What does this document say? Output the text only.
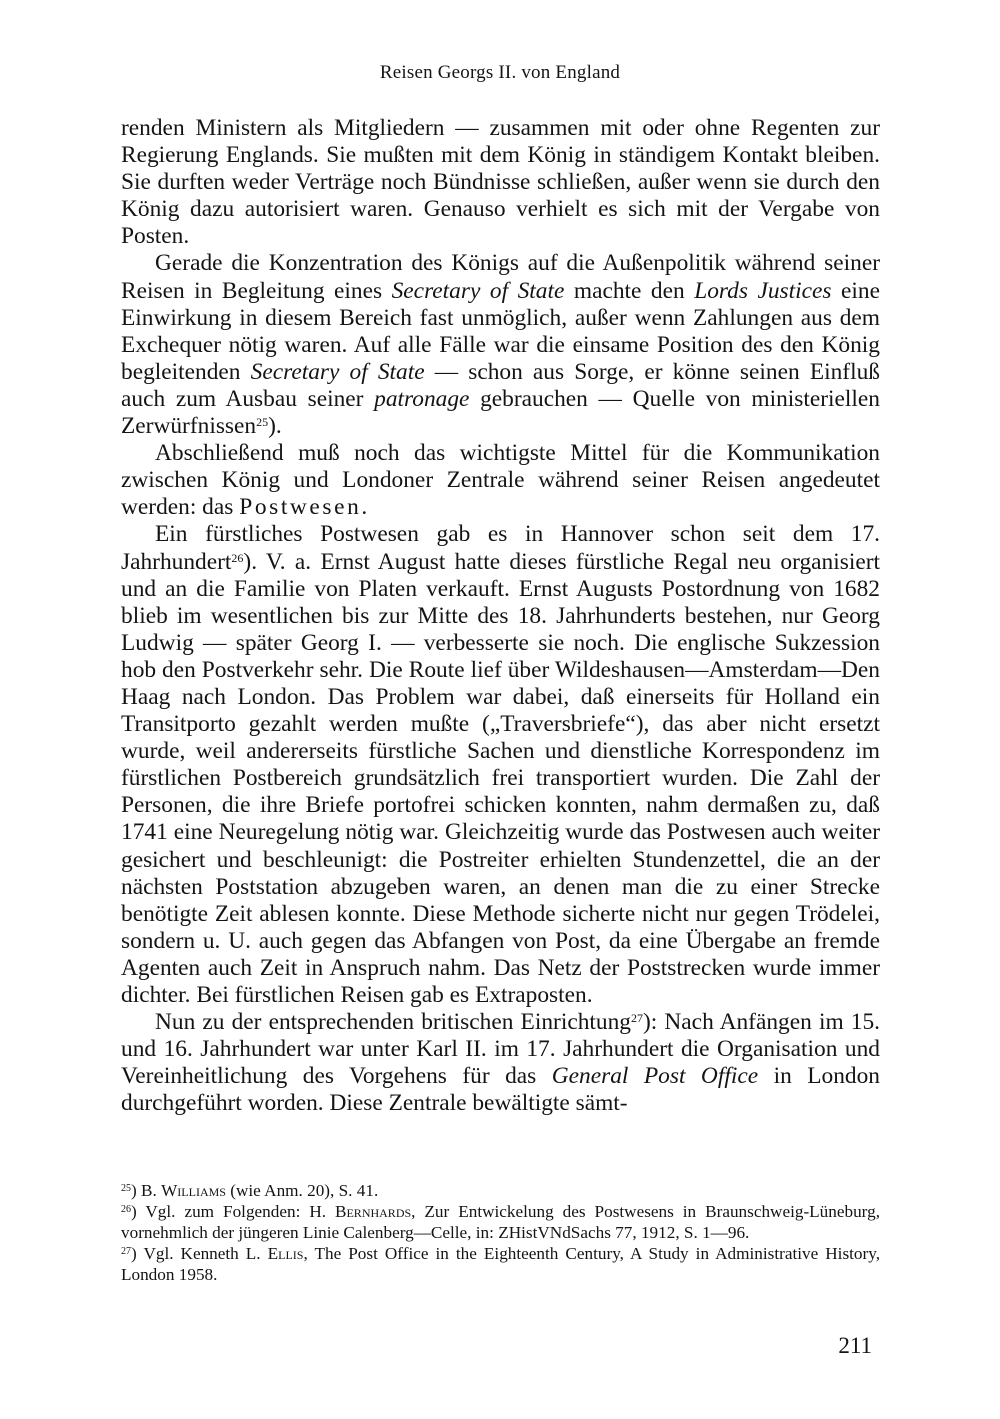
Reisen Georgs II. von England

renden Ministern als Mitgliedern — zusammen mit oder ohne Regenten zur Regierung Englands. Sie mußten mit dem König in ständigem Kontakt bleiben. Sie durften weder Verträge noch Bündnisse schließen, außer wenn sie durch den König dazu autorisiert waren. Genauso verhielt es sich mit der Vergabe von Posten.

Gerade die Konzentration des Königs auf die Außenpolitik während seiner Reisen in Begleitung eines Secretary of State machte den Lords Justices eine Einwirkung in diesem Bereich fast unmöglich, außer wenn Zahlungen aus dem Exchequer nötig waren. Auf alle Fälle war die einsame Position des den König begleitenden Secretary of State — schon aus Sorge, er könne seinen Einfluß auch zum Ausbau seiner patronage gebrauchen — Quelle von ministeriellen Zerwürfnissen$^{25}$).

Abschließend muß noch das wichtigste Mittel für die Kommunikation zwischen König und Londoner Zentrale während seiner Reisen angedeutet werden: das Postwesen.

Ein fürstliches Postwesen gab es in Hannover schon seit dem 17. Jahrhundert$^{26}$). V. a. Ernst August hatte dieses fürstliche Regal neu organisiert und an die Familie von Platen verkauft. Ernst Augusts Postordnung von 1682 blieb im wesentlichen bis zur Mitte des 18. Jahrhunderts bestehen, nur Georg Ludwig — später Georg I. — verbesserte sie noch. Die englische Sukzession hob den Postverkehr sehr. Die Route lief über Wildeshausen—Amsterdam—Den Haag nach London. Das Problem war dabei, daß einerseits für Holland ein Transitporto gezahlt werden mußte („Traversbriefe“), das aber nicht ersetzt wurde, weil andererseits fürstliche Sachen und dienstliche Korrespondenz im fürstlichen Postbereich grundsätzlich frei transportiert wurden. Die Zahl der Personen, die ihre Briefe portofrei schicken konnten, nahm dermaßen zu, daß 1741 eine Neuregelung nötig war. Gleichzeitig wurde das Postwesen auch weiter gesichert und beschleunigt: die Postreiter erhielten Stundenzettel, die an der nächsten Poststation abzugeben waren, an denen man die zu einer Strecke benötigte Zeit ablesen konnte. Diese Methode sicherte nicht nur gegen Trödelei, sondern u. U. auch gegen das Abfangen von Post, da eine Übergabe an fremde Agenten auch Zeit in Anspruch nahm. Das Netz der Poststrecken wurde immer dichter. Bei fürstlichen Reisen gab es Extraposten.

Nun zu der entsprechenden britischen Einrichtung$^{27}$): Nach Anfängen im 15. und 16. Jahrhundert war unter Karl II. im 17. Jahrhundert die Organisation und Vereinheitlichung des Vorgehens für das General Post Office in London durchgeführt worden. Diese Zentrale bewältigte sämt-

$^{25}$) B. Williams (wie Anm. 20), S. 41.

$^{26}$) Vgl. zum Folgenden: H. Bernhards, Zur Entwickelung des Postwesens in Braunschweig-Lüneburg, vornehmlich der jüngeren Linie Calenberg—Celle, in: ZHistVNdSachs 77, 1912, S. 1—96.

$^{27}$) Vgl. Kenneth L. Ellis, The Post Office in the Eighteenth Century, A Study in Administrative History, London 1958.

211
